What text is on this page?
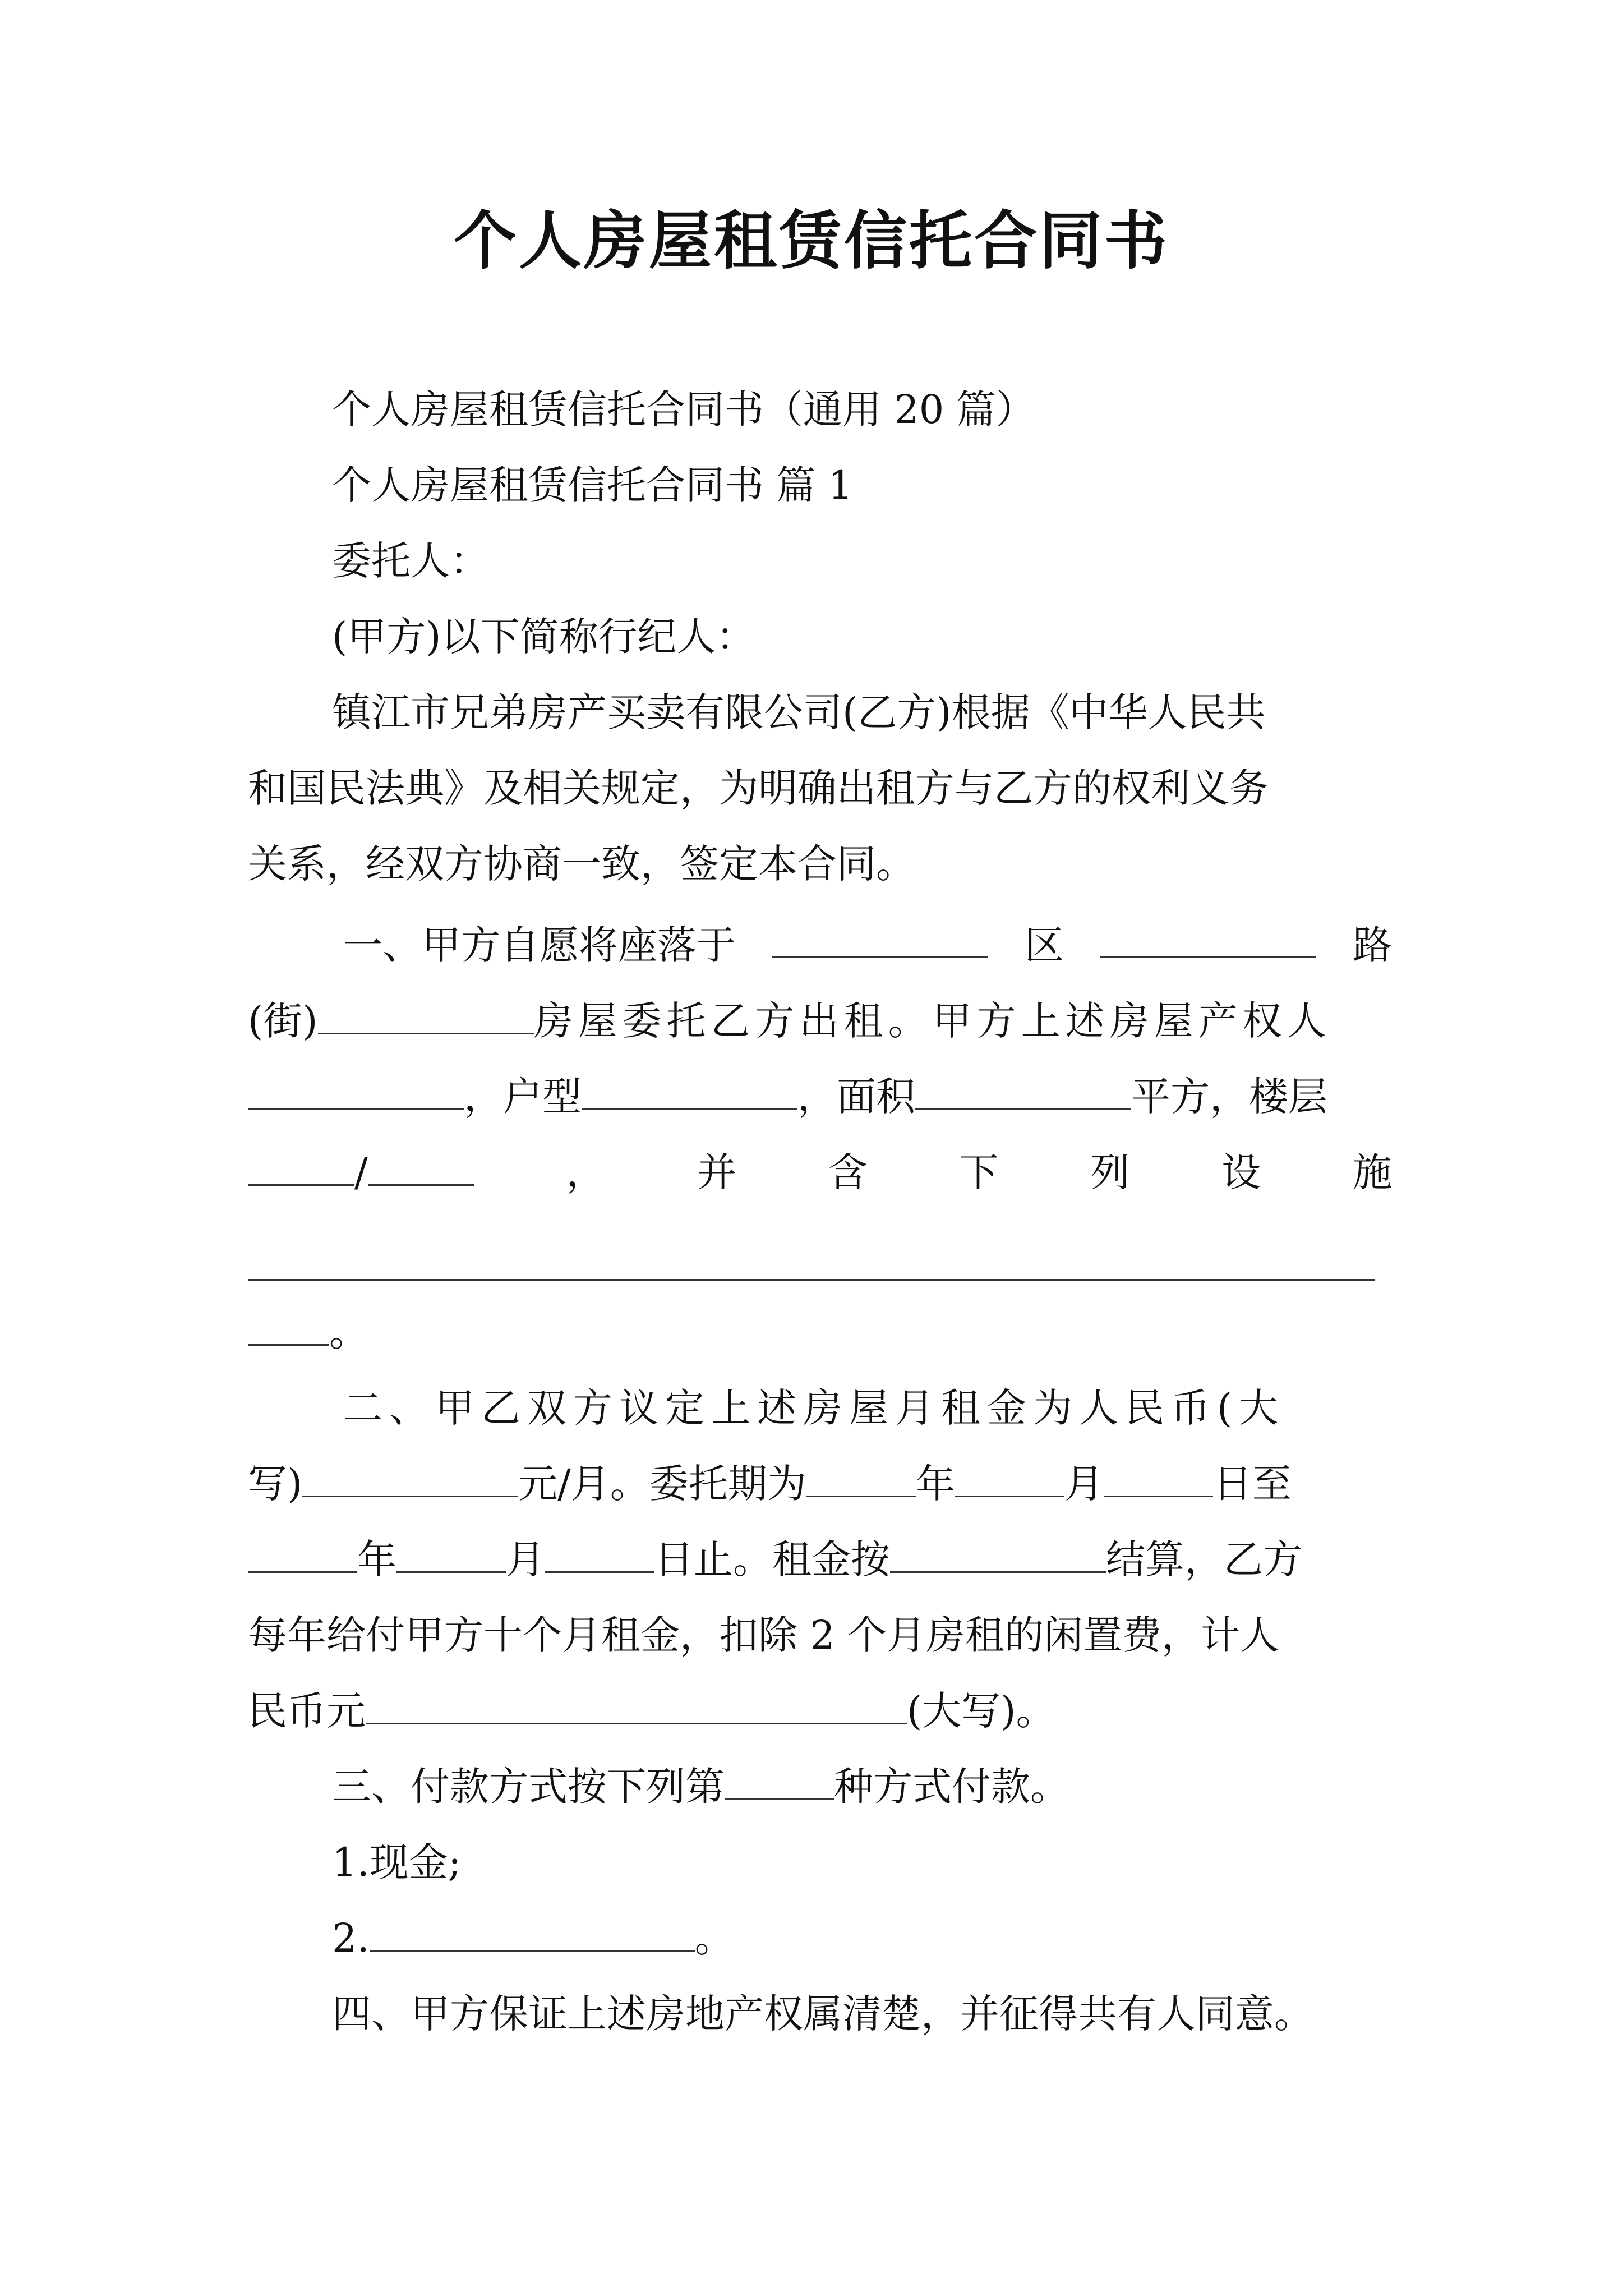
个人房屋租赁信托合同书
个人房屋租赁信托合同书（通用 20 篇）
个人房屋租赁信托合同书 篇 1
委托人：
(甲方)以下简称行纪人：
镇江市兄弟房产买卖有限公司(乙方)根据《中华人民共
和国民法典》及相关规定，为明确出租方与乙方的权利义务
关系，经双方协商一致，签定本合同。
一、甲方自愿将座落于	区	路
(街)	房屋委托乙方出租。甲方上述房屋产权人
，户型	，面积	平方，楼层
/	， 并 含 下 列 设 施
。
二、甲乙双方议定上述房屋月租金为人民币(大
写)	元/月。委托期为	年	月	日至
年	月	日止。租金按	结算，乙方
每年给付甲方十个月租金，扣除 2 个月房租的闲置费，计人
民币元	(大写)。
三、付款方式按下列第	种方式付款。
1.现金;
2.	。
四、甲方保证上述房地产权属清楚，并征得共有人同意。
